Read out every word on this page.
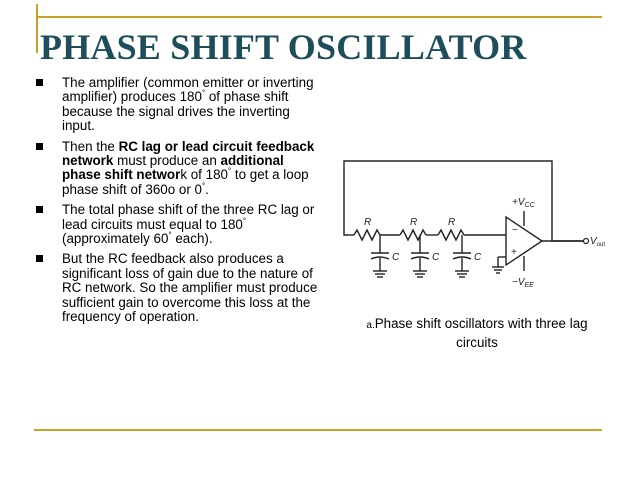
PHASE SHIFT OSCILLATOR
The amplifier (common emitter or inverting amplifier) produces 180° of phase shift because the signal drives the inverting input.
Then the RC lag or lead circuit feedback network must produce an additional phase shift network of 180° to get a loop phase shift of 360o or 0°.
The total phase shift of the three RC lag or lead circuits must equal to 180° (approximately 60° each).
But the RC feedback also produces a significant loss of gain due to the nature of RC network. So the amplifier must produce sufficient gain to overcome this loss at the frequency of operation.
R	R	R
C	C	C
−
+
$+V_{CC}$
$-V_{EE}$
$V_{out}$
a.Phase shift oscillators with three lag circuits
